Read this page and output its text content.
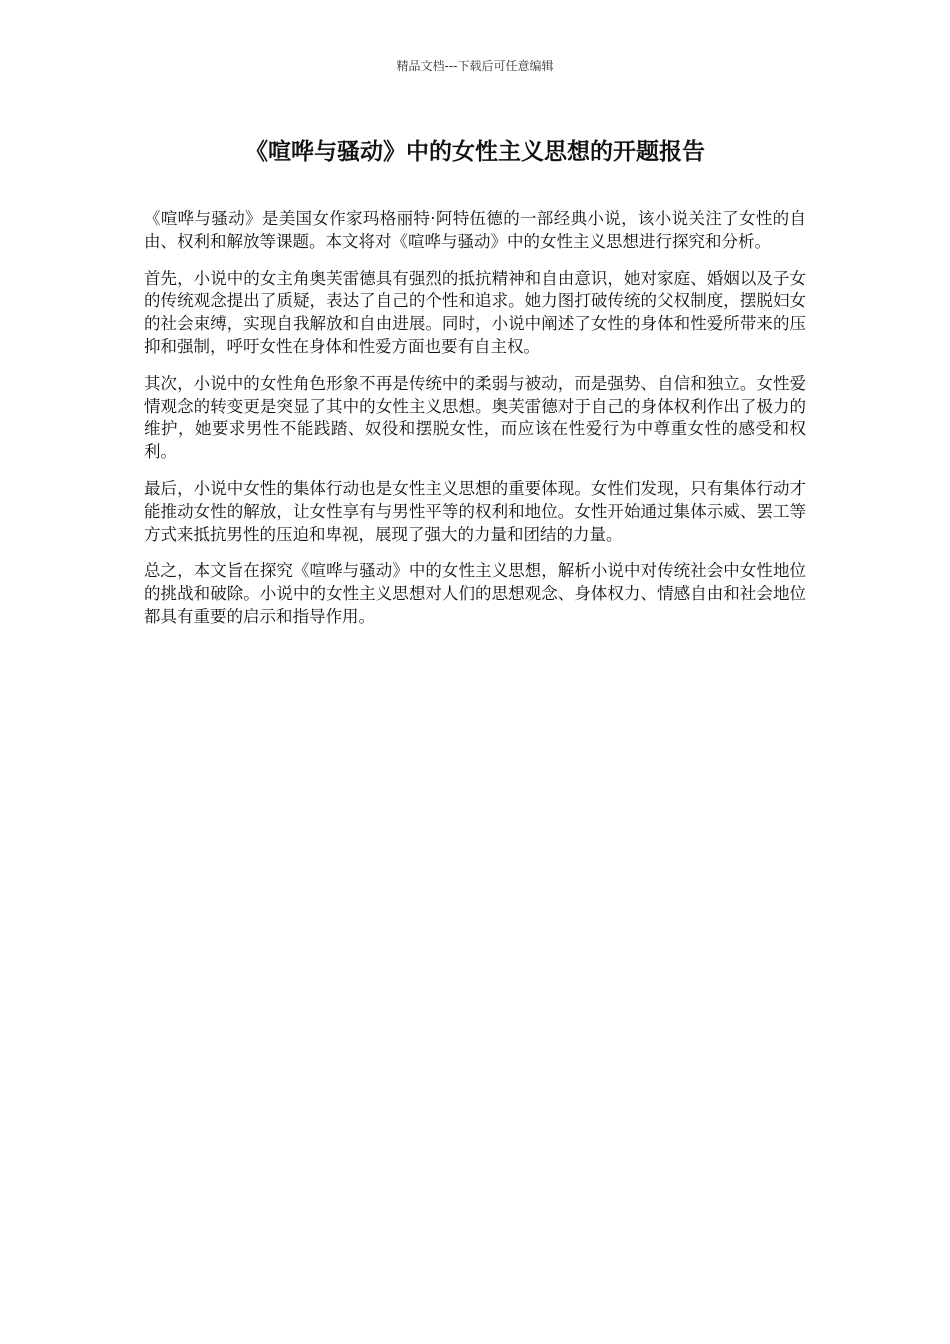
精品文档---下载后可任意编辑
《喧哗与骚动》中的女性主义思想的开题报告

《喧哗与骚动》是美国女作家玛格丽特·阿特伍德的一部经典小说，该小说关注了女性的自由、权利和解放等课题。本文将对《喧哗与骚动》中的女性主义思想进行探究和分析。

首先，小说中的女主角奥芙雷德具有强烈的抵抗精神和自由意识，她对家庭、婚姻以及子女的传统观念提出了质疑，表达了自己的个性和追求。她力图打破传统的父权制度，摆脱妇女的社会束缚，实现自我解放和自由进展。同时，小说中阐述了女性的身体和性爱所带来的压抑和强制，呼吁女性在身体和性爱方面也要有自主权。

其次，小说中的女性角色形象不再是传统中的柔弱与被动，而是强势、自信和独立。女性爱情观念的转变更是突显了其中的女性主义思想。奥芙雷德对于自己的身体权利作出了极力的维护，她要求男性不能践踏、奴役和摆脱女性，而应该在性爱行为中尊重女性的感受和权利。

最后，小说中女性的集体行动也是女性主义思想的重要体现。女性们发现，只有集体行动才能推动女性的解放，让女性享有与男性平等的权利和地位。女性开始通过集体示威、罢工等方式来抵抗男性的压迫和卑视，展现了强大的力量和团结的力量。

总之，本文旨在探究《喧哗与骚动》中的女性主义思想，解析小说中对传统社会中女性地位的挑战和破除。小说中的女性主义思想对人们的思想观念、身体权力、情感自由和社会地位都具有重要的启示和指导作用。
